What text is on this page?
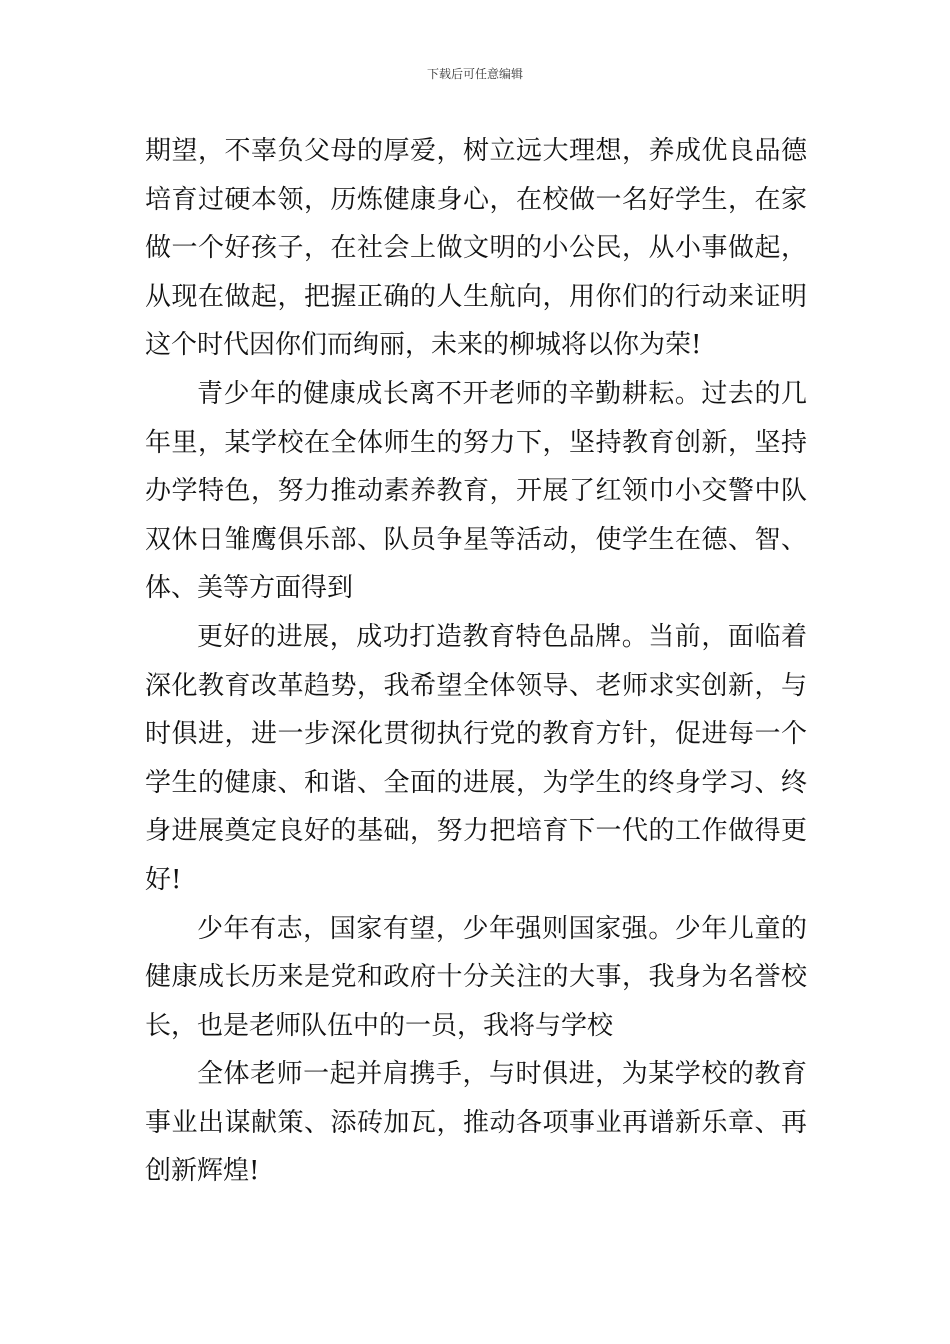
下载后可任意编辑

期望，不辜负父母的厚爱，树立远大理想，养成优良品德培育过硬本领，历炼健康身心，在校做一名好学生，在家做一个好孩子，在社会上做文明的小公民，从小事做起，从现在做起，把握正确的人生航向，用你们的行动来证明这个时代因你们而绚丽，未来的柳城将以你为荣!

青少年的健康成长离不开老师的辛勤耕耘。过去的几年里，某学校在全体师生的努力下，坚持教育创新，坚持办学特色，努力推动素养教育，开展了红领巾小交警中队双休日雏鹰俱乐部、队员争星等活动，使学生在德、智、体、美等方面得到

更好的进展，成功打造教育特色品牌。当前，面临着深化教育改革趋势，我希望全体领导、老师求实创新，与时俱进，进一步深化贯彻执行党的教育方针，促进每一个学生的健康、和谐、全面的进展，为学生的终身学习、终身进展奠定良好的基础，努力把培育下一代的工作做得更好!

少年有志，国家有望，少年强则国家强。少年儿童的健康成长历来是党和政府十分关注的大事，我身为名誉校长，也是老师队伍中的一员，我将与学校

全体老师一起并肩携手，与时俱进，为某学校的教育事业出谋献策、添砖加瓦，推动各项事业再谱新乐章、再创新辉煌!
